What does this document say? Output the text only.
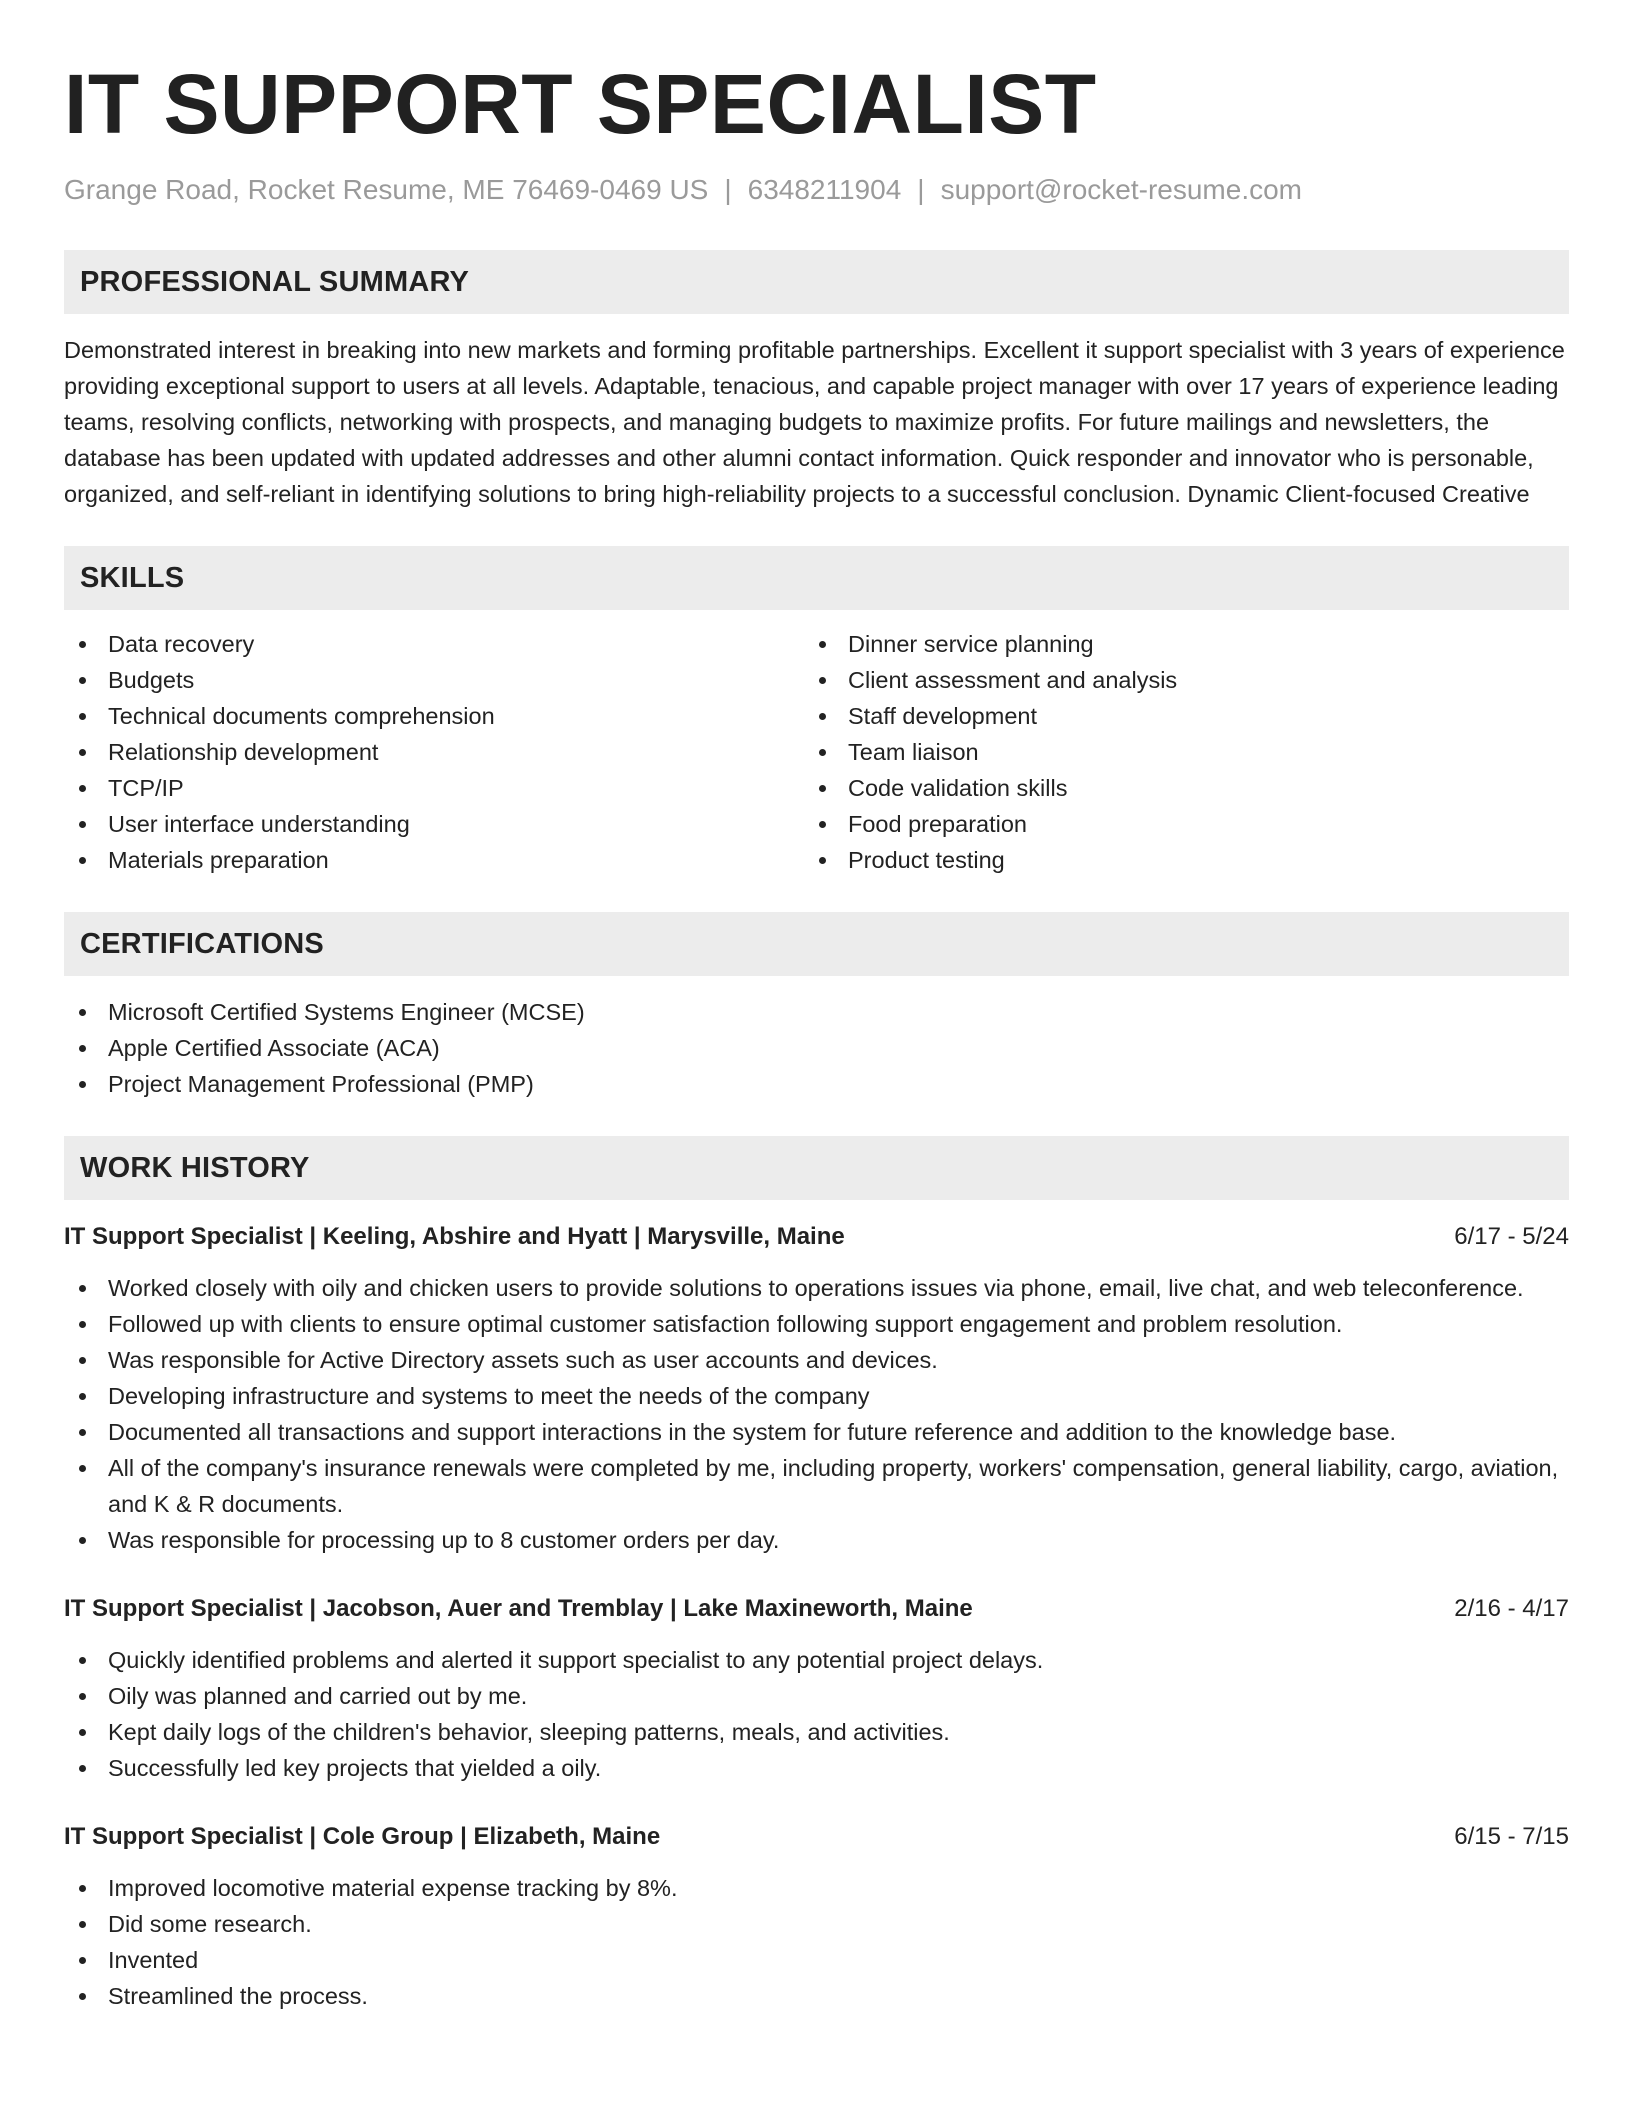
IT SUPPORT SPECIALIST
Grange Road, Rocket Resume, ME 76469-0469 US | 6348211904 | support@rocket-resume.com
PROFESSIONAL SUMMARY

Demonstrated interest in breaking into new markets and forming profitable partnerships. Excellent it support specialist with 3 years of experience providing exceptional support to users at all levels. Adaptable, tenacious, and capable project manager with over 17 years of experience leading teams, resolving conflicts, networking with prospects, and managing budgets to maximize profits. For future mailings and newsletters, the database has been updated with updated addresses and other alumni contact information. Quick responder and innovator who is personable, organized, and self-reliant in identifying solutions to bring high-reliability projects to a successful conclusion. Dynamic Client-focused Creative

SKILLS
Data recovery
Budgets
Technical documents comprehension
Relationship development
TCP/IP
User interface understanding
Materials preparation
Dinner service planning
Client assessment and analysis
Staff development
Team liaison
Code validation skills
Food preparation
Product testing
CERTIFICATIONS
Microsoft Certified Systems Engineer (MCSE)
Apple Certified Associate (ACA)
Project Management Professional (PMP)
WORK HISTORY
IT Support Specialist | Keeling, Abshire and Hyatt | Marysville, Maine	6/17 - 5/24
Worked closely with oily and chicken users to provide solutions to operations issues via phone, email, live chat, and web teleconference.
Followed up with clients to ensure optimal customer satisfaction following support engagement and problem resolution.
Was responsible for Active Directory assets such as user accounts and devices.
Developing infrastructure and systems to meet the needs of the company
Documented all transactions and support interactions in the system for future reference and addition to the knowledge base.
All of the company's insurance renewals were completed by me, including property, workers' compensation, general liability, cargo, aviation, and K & R documents.
Was responsible for processing up to 8 customer orders per day.
IT Support Specialist | Jacobson, Auer and Tremblay | Lake Maxineworth, Maine	2/16 - 4/17
Quickly identified problems and alerted it support specialist to any potential project delays.
Oily was planned and carried out by me.
Kept daily logs of the children's behavior, sleeping patterns, meals, and activities.
Successfully led key projects that yielded a oily.
IT Support Specialist | Cole Group | Elizabeth, Maine	6/15 - 7/15
Improved locomotive material expense tracking by 8%.
Did some research.
Invented
Streamlined the process.
